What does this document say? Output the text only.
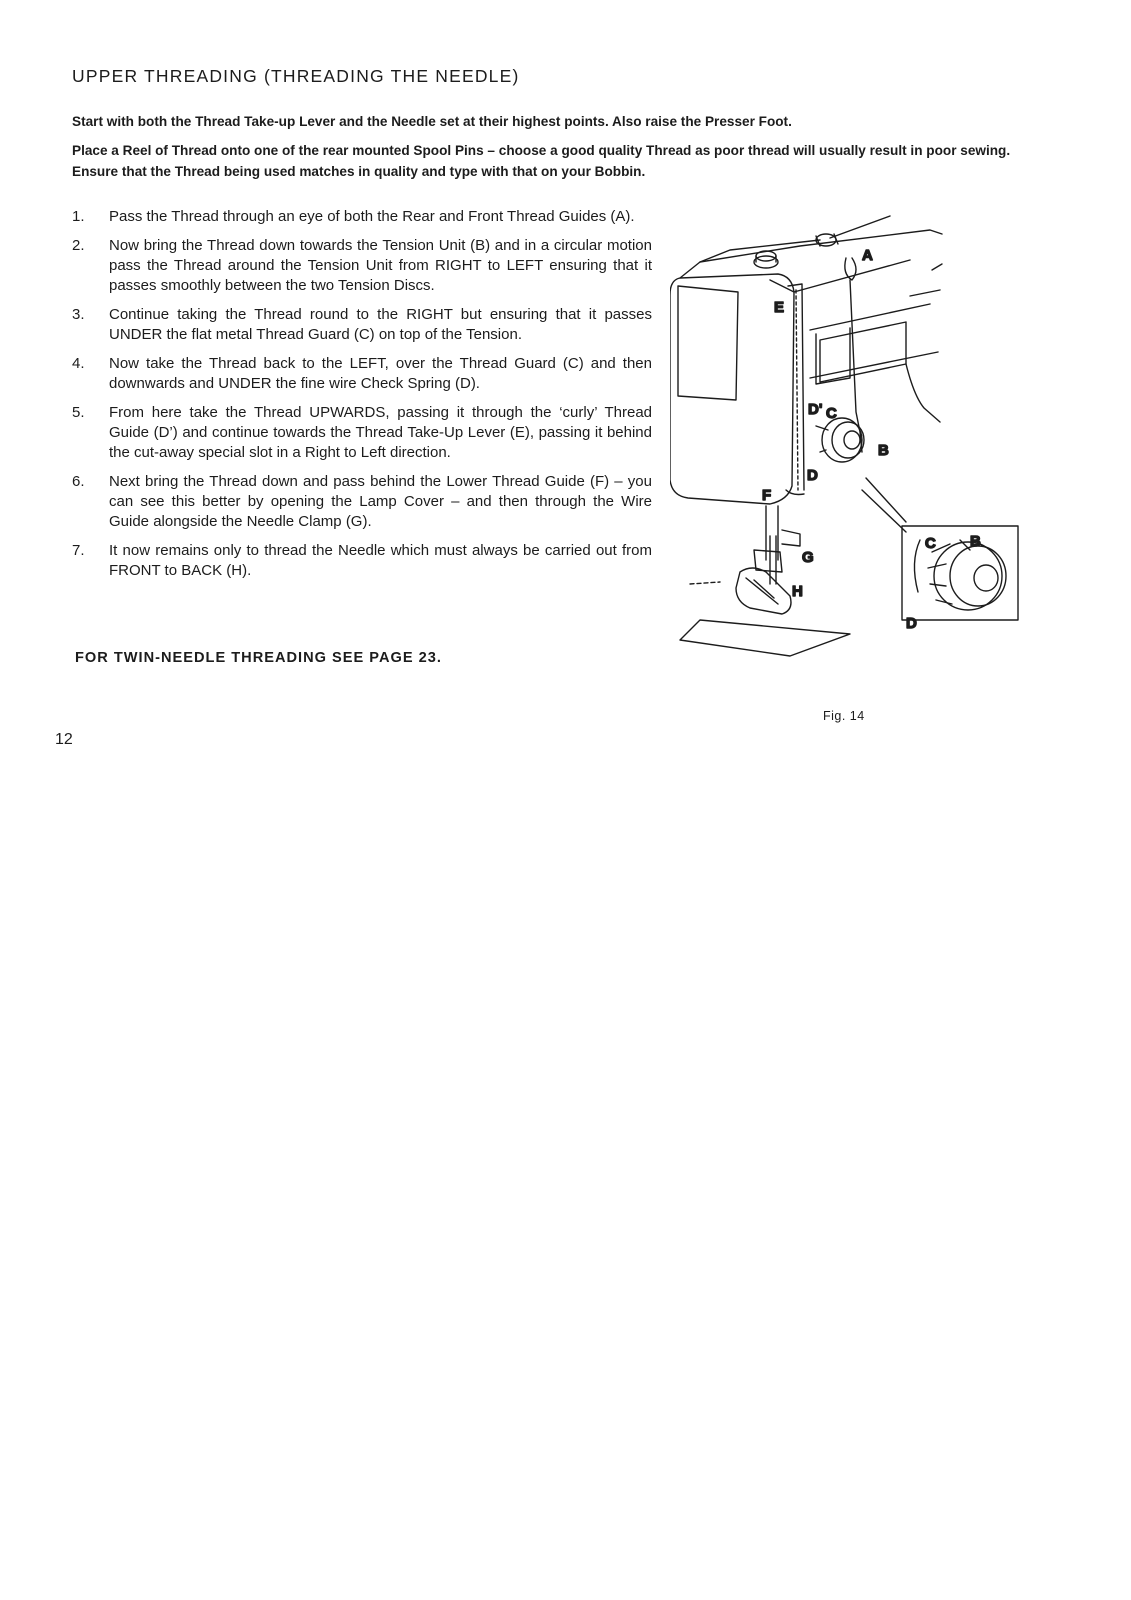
UPPER THREADING (THREADING THE NEEDLE)

Start with both the Thread Take-up Lever and the Needle set at their highest points. Also raise the Presser Foot.

Place a Reel of Thread onto one of the rear mounted Spool Pins – choose a good quality Thread as poor thread will usually result in poor sewing. Ensure that the Thread being used matches in quality and type with that on your Bobbin.

1.	Pass the Thread through an eye of both the Rear and Front Thread Guides (A).
2.	Now bring the Thread down towards the Tension Unit (B) and in a circular motion pass the Thread around the Tension Unit from RIGHT to LEFT ensuring that it passes smoothly between the two Tension Discs.
3.	Continue taking the Thread round to the RIGHT but ensuring that it passes UNDER the flat metal Thread Guard (C) on top of the Tension.
4.	Now take the Thread back to the LEFT, over the Thread Guard (C) and then downwards and UNDER the fine wire Check Spring (D).
5.	From here take the Thread UPWARDS, passing it through the ‘curly’ Thread Guide (D’) and continue towards the Thread Take-Up Lever (E), passing it behind the cut-away special slot in a Right to Left direction.
6.	Next bring the Thread down and pass behind the Lower Thread Guide (F) – you can see this better by opening the Lamp Cover – and then through the Wire Guide alongside the Needle Clamp (G).
7.	It now remains only to thread the Needle which must always be carried out from FRONT to BACK (H).
FOR TWIN-NEEDLE THREADING SEE PAGE 23.
A
B
C
D
D'
E
F
G
H
C B
D
Fig. 14
12
